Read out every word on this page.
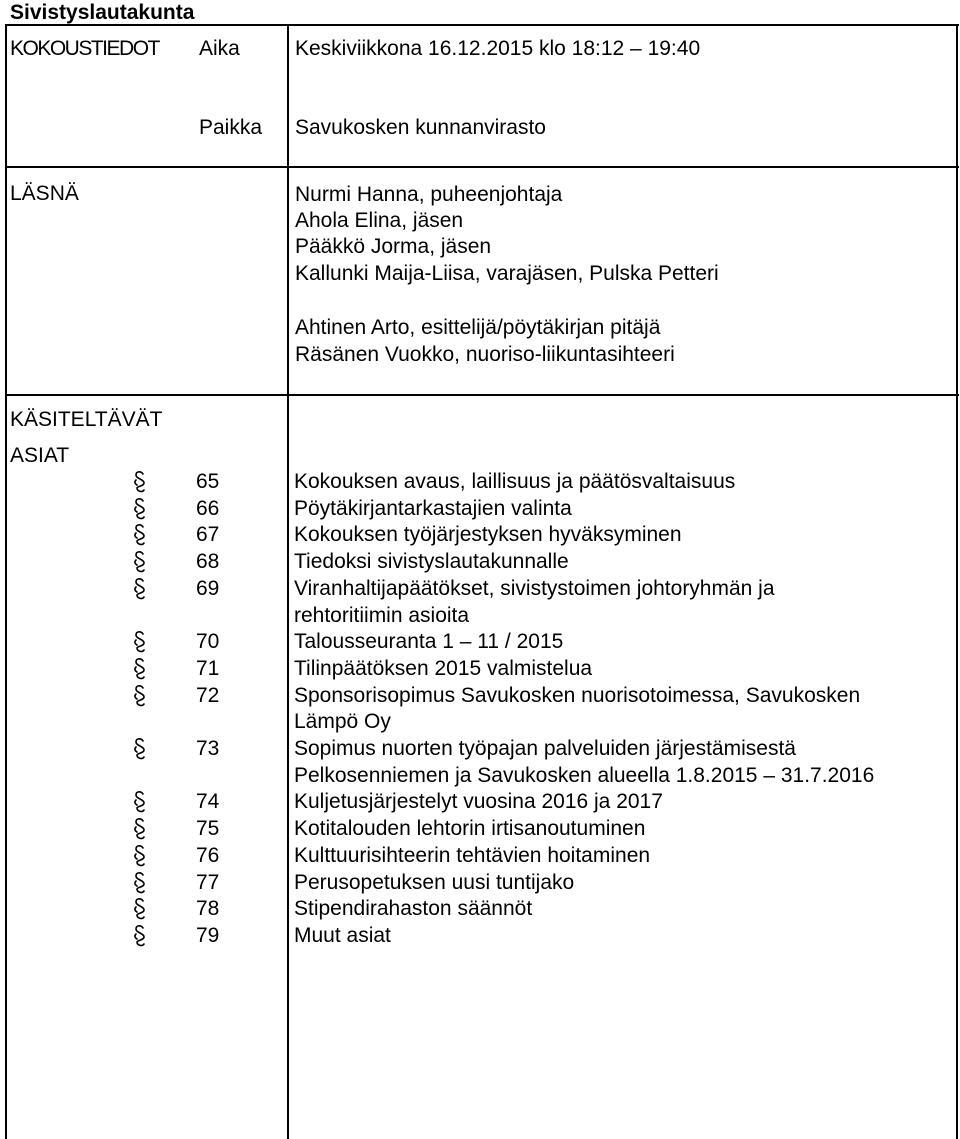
Sivistyslautakunta
KOKOUSTIEDOT Aika	Keskiviikkona 16.12.2015 klo 18:12 – 19:40
Paikka Savukosken kunnanvirasto
LÄSNÄ	Nurmi Hanna, puheenjohtaja
Ahola Elina, jäsen
Pääkkö Jorma, jäsen
Kallunki Maija-Liisa, varajäsen, Pulska Petteri
Ahtinen Arto, esittelijä/pöytäkirjan pitäjä
Räsänen Vuokko, nuoriso-liikuntasihteeri
KÄSITELTÄVÄT
ASIAT
65	Kokouksen avaus, laillisuus ja päätösvaltaisuus
66	Pöytäkirjantarkastajien valinta
67	Kokouksen työjärjestyksen hyväksyminen
68	Tiedoksi sivistyslautakunnalle
69	Viranhaltijapäätökset, sivistystoimen johtoryhmän ja
rehtoritiimin asioita
70	Talousseuranta 1 – 11 / 2015
71	Tilinpäätöksen 2015 valmistelua
72	Sponsorisopimus Savukosken nuorisotoimessa, Savukosken
Lämpö Oy
73	Sopimus nuorten työpajan palveluiden järjestämisestä
Pelkosenniemen ja Savukosken alueella 1.8.2015 – 31.7.2016
74	Kuljetusjärjestelyt vuosina 2016 ja 2017
75	Kotitalouden lehtorin irtisanoutuminen
76	Kulttuurisihteerin tehtävien hoitaminen
77	Perusopetuksen uusi tuntijako
78	Stipendirahaston säännöt
79	Muut asiat
